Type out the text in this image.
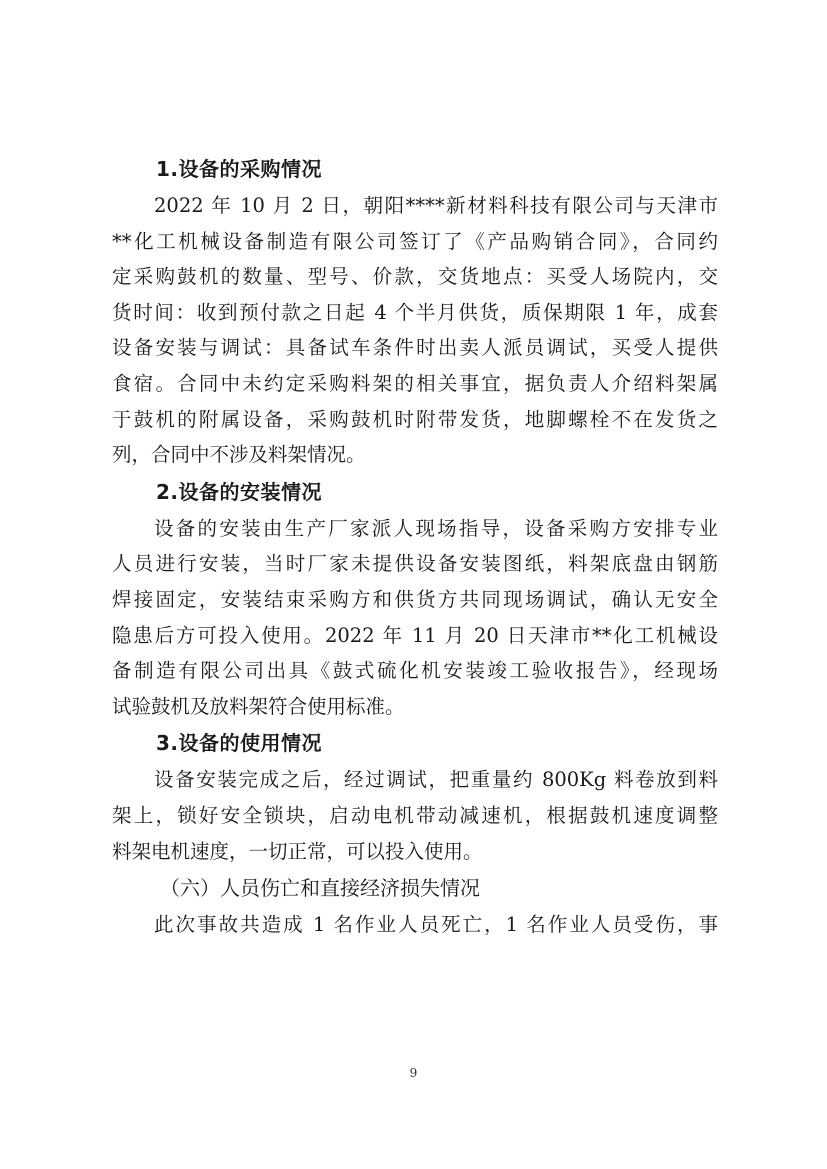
1.设备的采购情况

2022 年 10 月 2 日，朝阳****新材料科技有限公司与天津市
**化工机械设备制造有限公司签订了《产品购销合同》，合同约
定采购鼓机的数量、型号、价款，交货地点：买受人场院内，交
货时间：收到预付款之日起 4 个半月供货，质保期限 1 年，成套
设备安装与调试：具备试车条件时出卖人派员调试，买受人提供
食宿。合同中未约定采购料架的相关事宜，据负责人介绍料架属
于鼓机的附属设备，采购鼓机时附带发货，地脚螺栓不在发货之
列，合同中不涉及料架情况。

2.设备的安装情况

设备的安装由生产厂家派人现场指导，设备采购方安排专业
人员进行安装，当时厂家未提供设备安装图纸，料架底盘由钢筋
焊接固定，安装结束采购方和供货方共同现场调试，确认无安全
隐患后方可投入使用。2022 年 11 月 20 日天津市**化工机械设
备制造有限公司出具《鼓式硫化机安装竣工验收报告》，经现场
试验鼓机及放料架符合使用标准。

3.设备的使用情况

设备安装完成之后，经过调试，把重量约 800Kg 料卷放到料
架上，锁好安全锁块，启动电机带动减速机，根据鼓机速度调整
料架电机速度，一切正常，可以投入使用。

（六）人员伤亡和直接经济损失情况

此次事故共造成 1 名作业人员死亡，1 名作业人员受伤，事

9
